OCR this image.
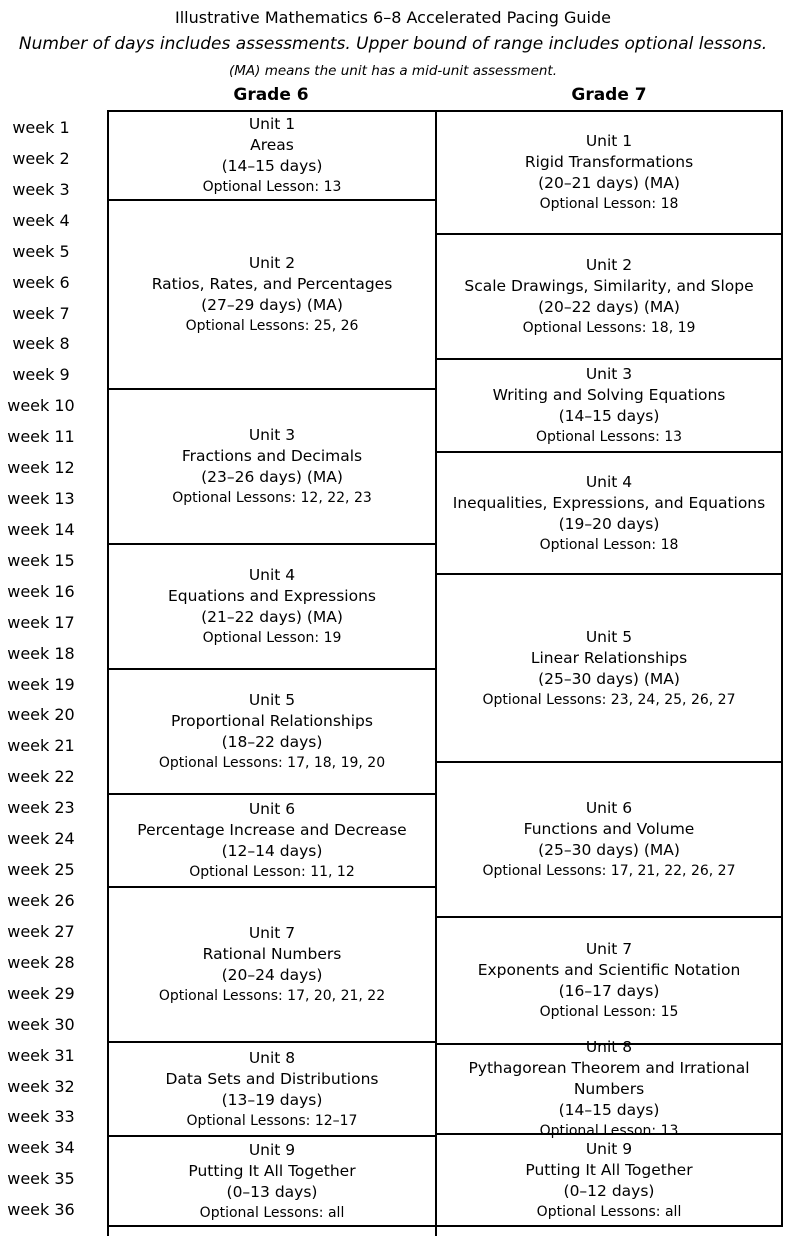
Illustrative Mathematics 6–8 Accelerated Pacing Guide
Number of days includes assessments. Upper bound of range includes optional lessons.
(MA) means the unit has a mid-unit assessment.
Grade 6	Grade 7
week 1
week 2
week 3
week 4
week 5
week 6
week 7
week 8
week 9
week 10
week 11
week 12
week 13
week 14
week 15
week 16
week 17
week 18
week 19
week 20
week 21
week 22
week 23
week 24
week 25
week 26
week 27
week 28
week 29
week 30
week 31
week 32
week 33
week 34
week 35
week 36
Unit 1
Areas
(14–15 days)
Optional Lesson: 13
Unit 2
Ratios, Rates, and Percentages
(27–29 days) (MA)
Optional Lessons: 25, 26
Unit 3
Fractions and Decimals
(23–26 days) (MA)
Optional Lessons: 12, 22, 23
Unit 4
Equations and Expressions
(21–22 days) (MA)
Optional Lesson: 19
Unit 5
Proportional Relationships
(18–22 days)
Optional Lessons: 17, 18, 19, 20
Unit 6
Percentage Increase and Decrease
(12–14 days)
Optional Lesson: 11, 12
Unit 7
Rational Numbers
(20–24 days)
Optional Lessons: 17, 20, 21, 22
Unit 8
Data Sets and Distributions
(13–19 days)
Optional Lessons: 12–17
Unit 9
Putting It All Together
(0–13 days)
Optional Lessons: all
Unit 1
Rigid Transformations
(20–21 days) (MA)
Optional Lesson: 18
Unit 2
Scale Drawings, Similarity, and Slope
(20–22 days) (MA)
Optional Lessons: 18, 19
Unit 3
Writing and Solving Equations
(14–15 days)
Optional Lessons: 13
Unit 4
Inequalities, Expressions, and Equations
(19–20 days)
Optional Lesson: 18
Unit 5
Linear Relationships
(25–30 days) (MA)
Optional Lessons: 23, 24, 25, 26, 27
Unit 6
Functions and Volume
(25–30 days) (MA)
Optional Lessons: 17, 21, 22, 26, 27
Unit 7
Exponents and Scientific Notation
(16–17 days)
Optional Lesson: 15
Unit 8
Pythagorean Theorem and Irrational Numbers
(14–15 days)
Optional Lesson: 13
Unit 9
Putting It All Together
(0–12 days)
Optional Lessons: all
